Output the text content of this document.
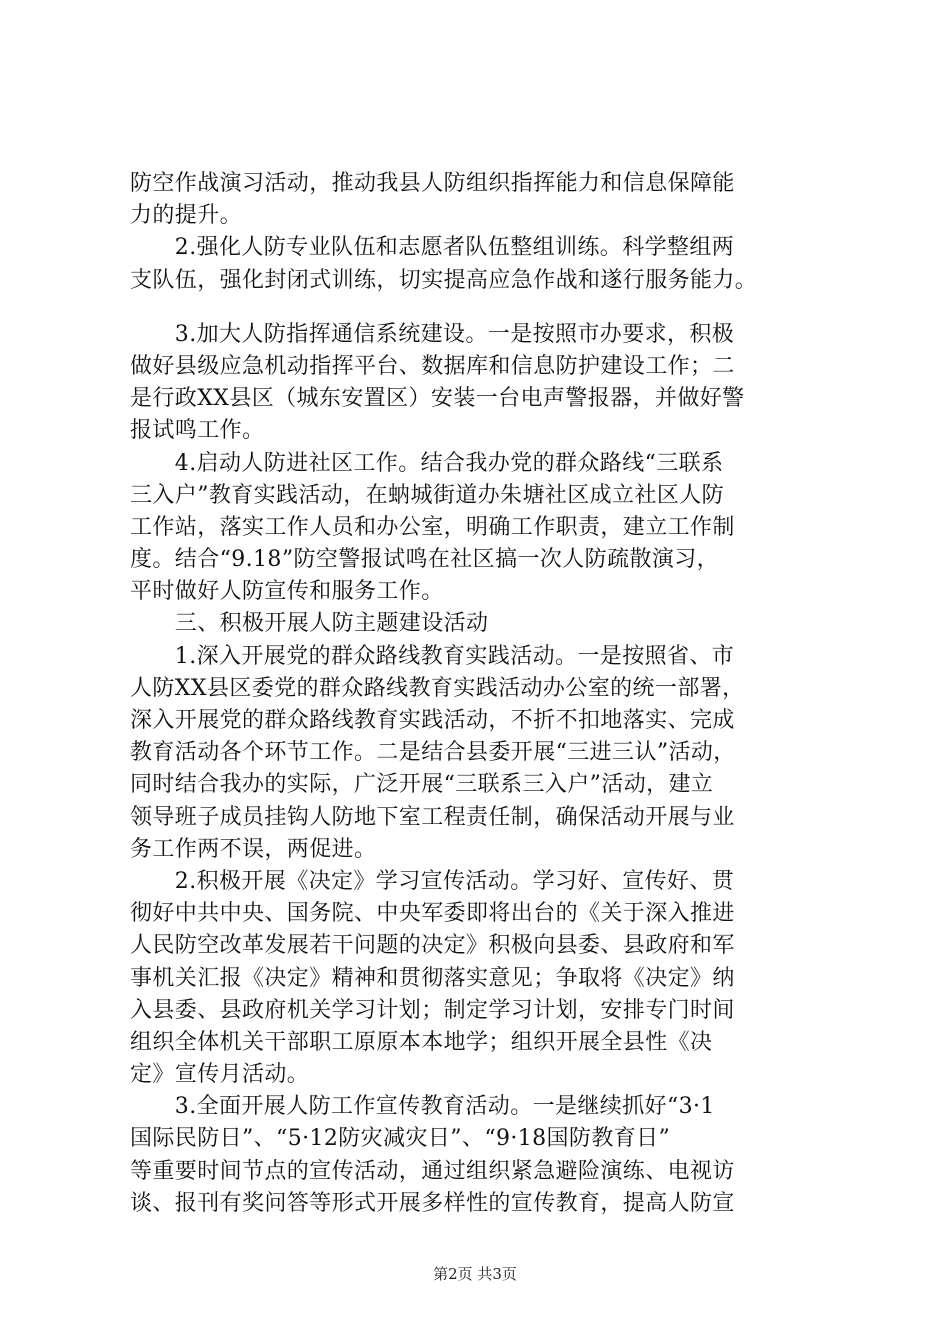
防空作战演习活动，推动我县人防组织指挥能力和信息保障能
力的提升。
　　2.强化人防专业队伍和志愿者队伍整组训练。科学整组两
支队伍，强化封闭式训练，切实提高应急作战和遂行服务能力。
　　3.加大人防指挥通信系统建设。一是按照市办要求，积极
做好县级应急机动指挥平台、数据库和信息防护建设工作；二
是行政XX县区（城东安置区）安装一台电声警报器，并做好警
报试鸣工作。
　　4.启动人防进社区工作。结合我办党的群众路线“三联系
三入户”教育实践活动，在蚋城街道办朱塘社区成立社区人防
工作站，落实工作人员和办公室，明确工作职责，建立工作制
度。结合“9.18”防空警报试鸣在社区搞一次人防疏散演习，
平时做好人防宣传和服务工作。
　　三、积极开展人防主题建设活动
　　1.深入开展党的群众路线教育实践活动。一是按照省、市
人防XX县区委党的群众路线教育实践活动办公室的统一部署，
深入开展党的群众路线教育实践活动，不折不扣地落实、完成
教育活动各个环节工作。二是结合县委开展“三进三认”活动，
同时结合我办的实际，广泛开展“三联系三入户”活动，建立
领导班子成员挂钩人防地下室工程责任制，确保活动开展与业
务工作两不误，两促进。
　　2.积极开展《决定》学习宣传活动。学习好、宣传好、贯
彻好中共中央、国务院、中央军委即将出台的《关于深入推进
人民防空改革发展若干问题的决定》积极向县委、县政府和军
事机关汇报《决定》精神和贯彻落实意见；争取将《决定》纳
入县委、县政府机关学习计划；制定学习计划，安排专门时间
组织全体机关干部职工原原本本地学；组织开展全县性《决
定》宣传月活动。
　　3.全面开展人防工作宣传教育活动。一是继续抓好“3·1
国际民防日”、“5·12防灾减灾日”、“9·18国防教育日”
等重要时间节点的宣传活动，通过组织紧急避险演练、电视访
谈、报刊有奖问答等形式开展多样性的宣传教育，提高人防宣
第2页 共3页
